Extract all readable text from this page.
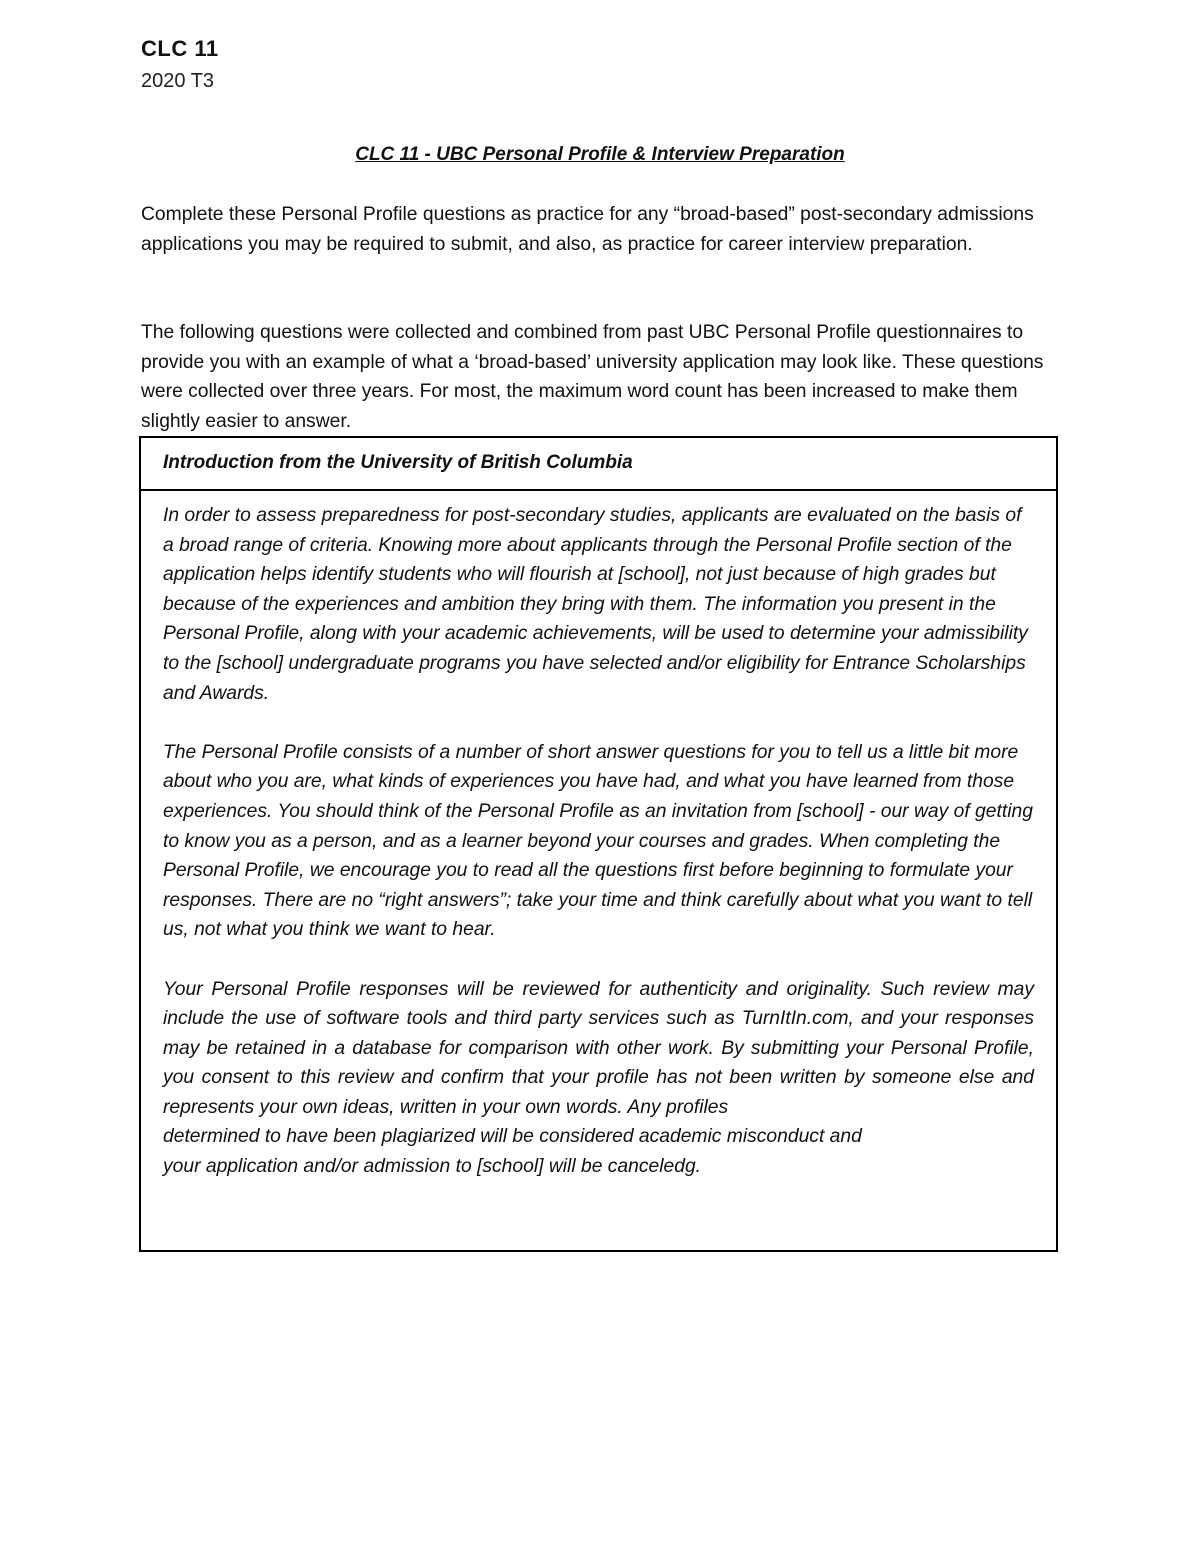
CLC 11
2020 T3
CLC 11 - UBC Personal Profile & Interview Preparation
Complete these Personal Profile questions as practice for any “broad-based” post-secondary admissions applications you may be required to submit, and also, as practice for career interview preparation.
The following questions were collected and combined from past UBC Personal Profile questionnaires to provide you with an example of what a ‘broad-based’ university application may look like. These questions were collected over three years. For most, the maximum word count has been increased to make them slightly easier to answer.
Introduction from the University of British Columbia

In order to assess preparedness for post-secondary studies, applicants are evaluated on the basis of a broad range of criteria. Knowing more about applicants through the Personal Profile section of the application helps identify students who will flourish at [school], not just because of high grades but because of the experiences and ambition they bring with them. The information you present in the Personal Profile, along with your academic achievements, will be used to determine your admissibility to the [school] undergraduate programs you have selected and/or eligibility for Entrance Scholarships and Awards.

The Personal Profile consists of a number of short answer questions for you to tell us a little bit more about who you are, what kinds of experiences you have had, and what you have learned from those experiences. You should think of the Personal Profile as an invitation from [school] - our way of getting to know you as a person, and as a learner beyond your courses and grades. When completing the Personal Profile, we encourage you to read all the questions first before beginning to formulate your responses. There are no “right answers”; take your time and think carefully about what you want to tell us, not what you think we want to hear.

Your Personal Profile responses will be reviewed for authenticity and originality. Such review may include the use of software tools and third party services such as TurnItIn.com, and your responses may be retained in a database for comparison with other work. By submitting your Personal Profile, you consent to this review and confirm that your profile has not been written by someone else and represents your own ideas, written in your own words. Any profiles
determined to have been plagiarized will be considered academic misconduct and
your application and/or admission to [school] will be canceledg.
